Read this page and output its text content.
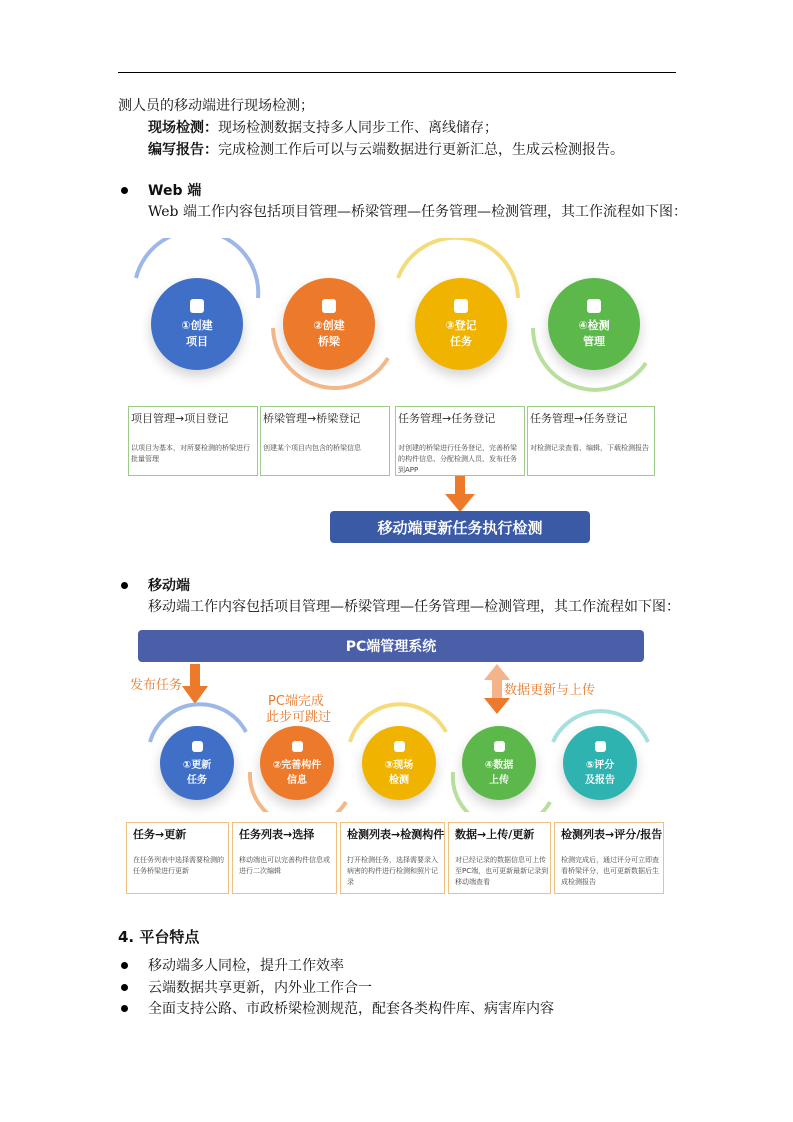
测人员的移动端进行现场检测；
现场检测：现场检测数据支持多人同步工作、离线储存；
编写报告：完成检测工作后可以与云端数据进行更新汇总，生成云检测报告。
Web 端
Web 端工作内容包括项目管理—桥梁管理—任务管理—检测管理，其工作流程如下图：
①创建
项目
②创建
桥梁
③登记
任务
④检测
管理
项目管理→项目登记
以项目为基本，对所要检测的桥梁进行批量管理
桥梁管理→桥梁登记
创建某个项目内包含的桥梁信息
任务管理→任务登记
对创建的桥梁进行任务登记，完善桥梁的构件信息、分配检测人员、发布任务到APP
任务管理→任务登记
对检测记录查看、编辑，下载检测报告
移动端更新任务执行检测
移动端
移动端工作内容包括项目管理—桥梁管理—任务管理—检测管理，其工作流程如下图：
PC端管理系统
发布任务
PC端完成
此步可跳过
数据更新与上传
①更新
任务
②完善构件
信息
③现场
检测
④数据
上传
⑤评分
及报告
任务→更新
在任务列表中选择需要检测的任务桥梁进行更新
任务列表→选择
移动端也可以完善构件信息或进行二次编辑
检测列表→检测构件
打开检测任务，选择需要录入病害的构件进行检测和照片记录
数据→上传/更新
对已经记录的数据信息可上传至PC端，也可更新最新记录到移动端查看
检测列表→评分/报告
检测完成后，通过评分可立即查看桥梁评分，也可更新数据后生成检测报告
4. 平台特点
移动端多人同检，提升工作效率
云端数据共享更新，内外业工作合一
全面支持公路、市政桥梁检测规范，配套各类构件库、病害库内容
